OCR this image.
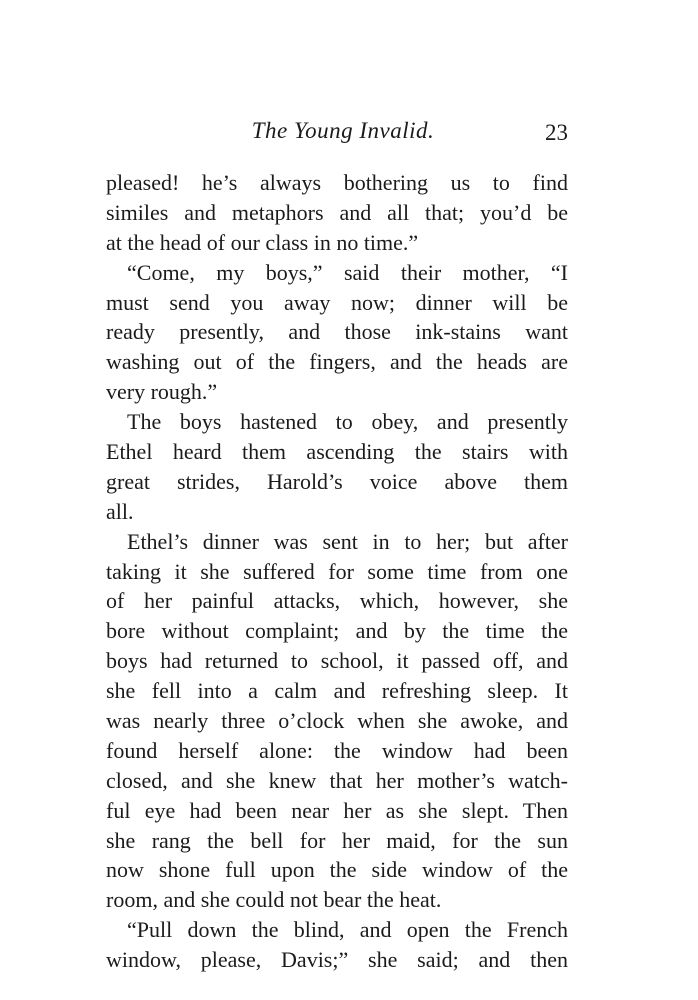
The Young Invalid.	23
pleased! he’s always bothering us to find
similes and metaphors and all that; you’d be
at the head of our class in no time.”
“Come, my boys,” said their mother, “I
must send you away now; dinner will be
ready presently, and those ink-stains want
washing out of the fingers, and the heads are
very rough.”
The boys hastened to obey, and presently
Ethel heard them ascending the stairs with
great strides, Harold’s voice above them
all.
Ethel’s dinner was sent in to her; but after
taking it she suffered for some time from one
of her painful attacks, which, however, she
bore without complaint; and by the time the
boys had returned to school, it passed off, and
she fell into a calm and refreshing sleep. It
was nearly three o’clock when she awoke, and
found herself alone: the window had been
closed, and she knew that her mother’s watch-
ful eye had been near her as she slept. Then
she rang the bell for her maid, for the sun
now shone full upon the side window of the
room, and she could not bear the heat.
“Pull down the blind, and open the French
window, please, Davis;” she said; and then
